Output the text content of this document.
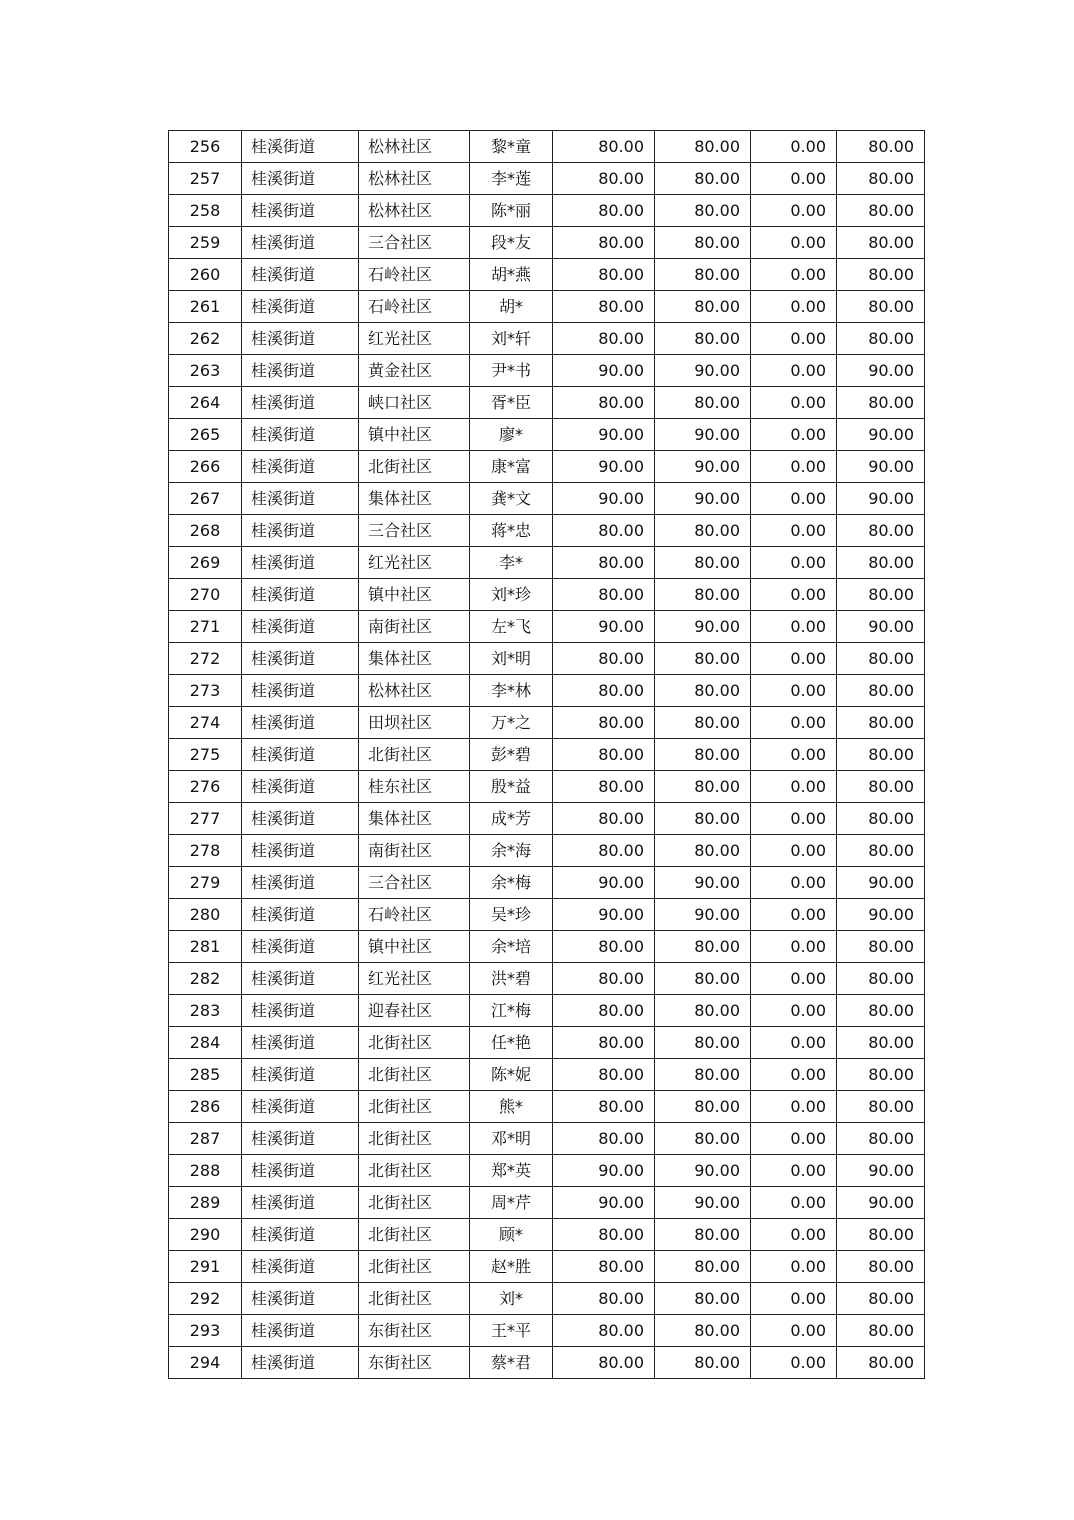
256	桂溪街道	松林社区	黎*童	80.00	80.00	0.00	80.00
257	桂溪街道	松林社区	李*莲	80.00	80.00	0.00	80.00
258	桂溪街道	松林社区	陈*丽	80.00	80.00	0.00	80.00
259	桂溪街道	三合社区	段*友	80.00	80.00	0.00	80.00
260	桂溪街道	石岭社区	胡*燕	80.00	80.00	0.00	80.00
261	桂溪街道	石岭社区	胡*	80.00	80.00	0.00	80.00
262	桂溪街道	红光社区	刘*轩	80.00	80.00	0.00	80.00
263	桂溪街道	黄金社区	尹*书	90.00	90.00	0.00	90.00
264	桂溪街道	峡口社区	胥*臣	80.00	80.00	0.00	80.00
265	桂溪街道	镇中社区	廖*	90.00	90.00	0.00	90.00
266	桂溪街道	北街社区	康*富	90.00	90.00	0.00	90.00
267	桂溪街道	集体社区	龚*文	90.00	90.00	0.00	90.00
268	桂溪街道	三合社区	蒋*忠	80.00	80.00	0.00	80.00
269	桂溪街道	红光社区	李*	80.00	80.00	0.00	80.00
270	桂溪街道	镇中社区	刘*珍	80.00	80.00	0.00	80.00
271	桂溪街道	南街社区	左*飞	90.00	90.00	0.00	90.00
272	桂溪街道	集体社区	刘*明	80.00	80.00	0.00	80.00
273	桂溪街道	松林社区	李*林	80.00	80.00	0.00	80.00
274	桂溪街道	田坝社区	万*之	80.00	80.00	0.00	80.00
275	桂溪街道	北街社区	彭*碧	80.00	80.00	0.00	80.00
276	桂溪街道	桂东社区	殷*益	80.00	80.00	0.00	80.00
277	桂溪街道	集体社区	成*芳	80.00	80.00	0.00	80.00
278	桂溪街道	南街社区	余*海	80.00	80.00	0.00	80.00
279	桂溪街道	三合社区	余*梅	90.00	90.00	0.00	90.00
280	桂溪街道	石岭社区	吴*珍	90.00	90.00	0.00	90.00
281	桂溪街道	镇中社区	余*培	80.00	80.00	0.00	80.00
282	桂溪街道	红光社区	洪*碧	80.00	80.00	0.00	80.00
283	桂溪街道	迎春社区	江*梅	80.00	80.00	0.00	80.00
284	桂溪街道	北街社区	任*艳	80.00	80.00	0.00	80.00
285	桂溪街道	北街社区	陈*妮	80.00	80.00	0.00	80.00
286	桂溪街道	北街社区	熊*	80.00	80.00	0.00	80.00
287	桂溪街道	北街社区	邓*明	80.00	80.00	0.00	80.00
288	桂溪街道	北街社区	郑*英	90.00	90.00	0.00	90.00
289	桂溪街道	北街社区	周*芹	90.00	90.00	0.00	90.00
290	桂溪街道	北街社区	顾*	80.00	80.00	0.00	80.00
291	桂溪街道	北街社区	赵*胜	80.00	80.00	0.00	80.00
292	桂溪街道	北街社区	刘*	80.00	80.00	0.00	80.00
293	桂溪街道	东街社区	王*平	80.00	80.00	0.00	80.00
294	桂溪街道	东街社区	蔡*君	80.00	80.00	0.00	80.00
